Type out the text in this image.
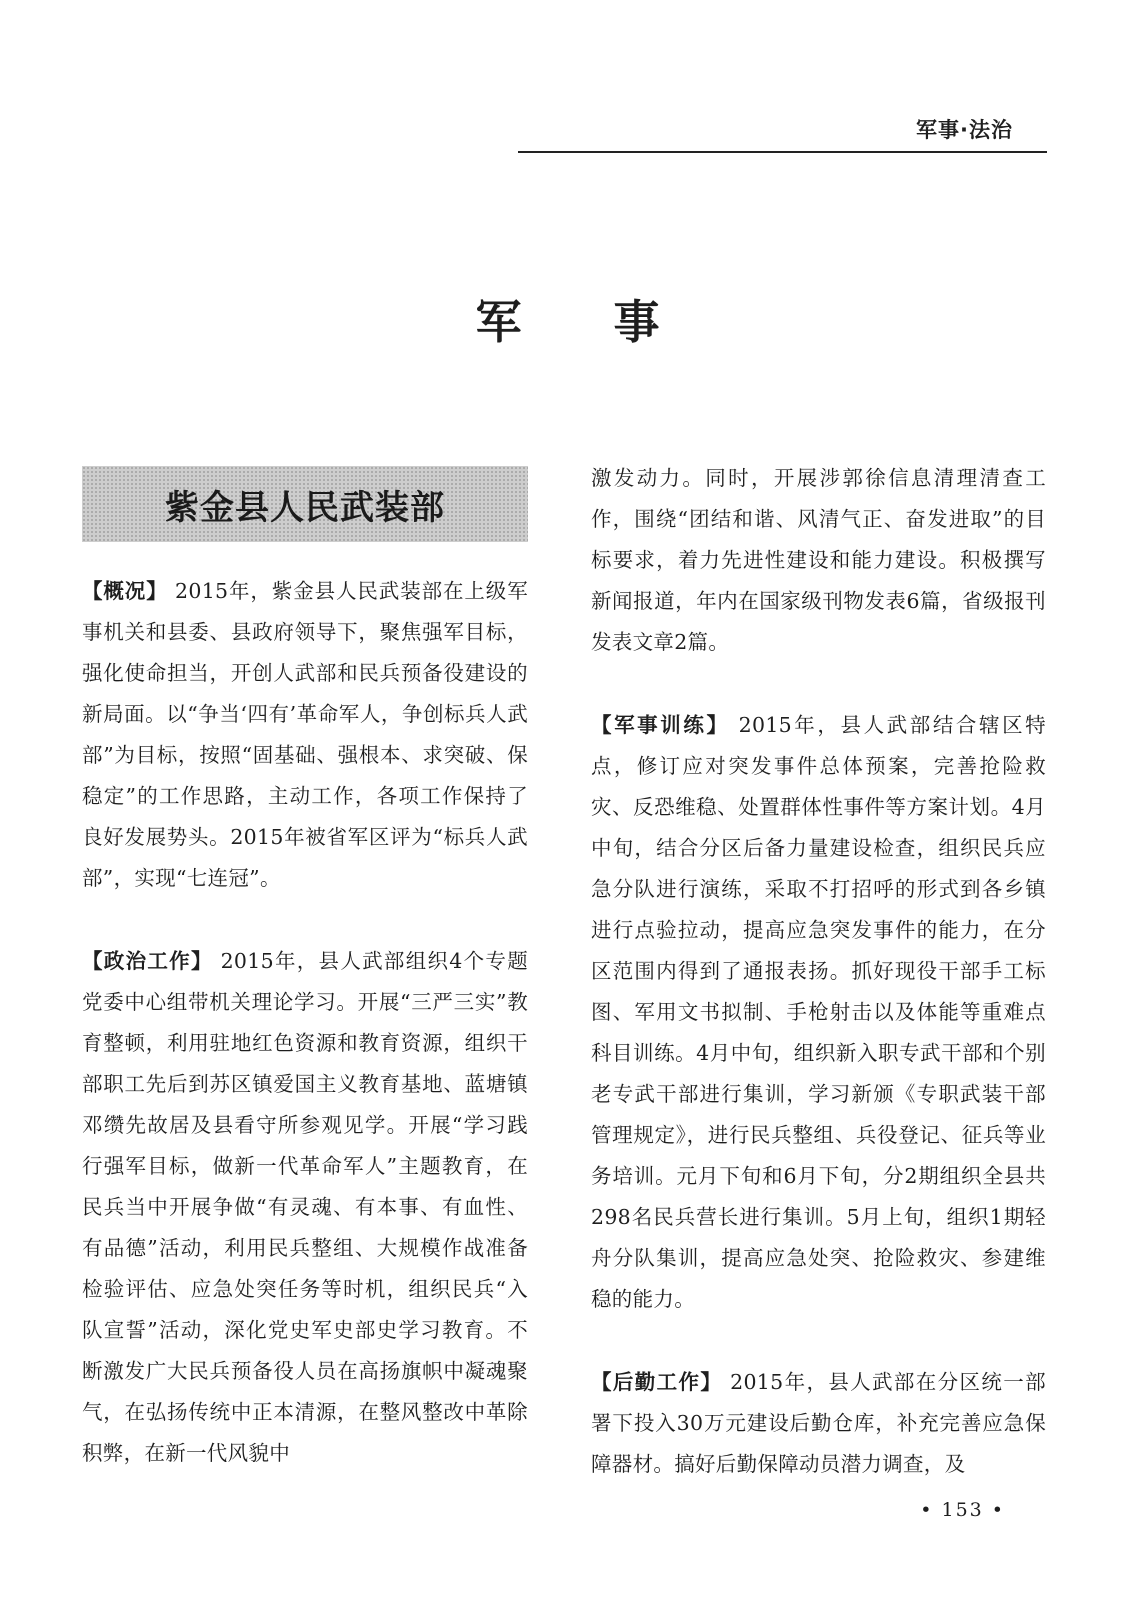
军事·法治
军事
紫金县人民武装部

【概况】 2015年，紫金县人民武装部在上级军事机关和县委、县政府领导下，聚焦强军目标，强化使命担当，开创人武部和民兵预备役建设的新局面。以“争当‘四有’革命军人，争创标兵人武部”为目标，按照“固基础、强根本、求突破、保稳定”的工作思路，主动工作，各项工作保持了良好发展势头。2015年被省军区评为“标兵人武部”，实现“七连冠”。

【政治工作】 2015年，县人武部组织4个专题党委中心组带机关理论学习。开展“三严三实”教育整顿，利用驻地红色资源和教育资源，组织干部职工先后到苏区镇爱国主义教育基地、蓝塘镇邓缵先故居及县看守所参观见学。开展“学习践行强军目标，做新一代革命军人”主题教育，在民兵当中开展争做“有灵魂、有本事、有血性、有品德”活动，利用民兵整组、大规模作战准备检验评估、应急处突任务等时机，组织民兵“入队宣誓”活动，深化党史军史部史学习教育。不断激发广大民兵预备役人员在高扬旗帜中凝魂聚气，在弘扬传统中正本清源，在整风整改中革除积弊，在新一代风貌中

激发动力。同时，开展涉郭徐信息清理清查工作，围绕“团结和谐、风清气正、奋发进取”的目标要求，着力先进性建设和能力建设。积极撰写新闻报道，年内在国家级刊物发表6篇，省级报刊发表文章2篇。

【军事训练】 2015年，县人武部结合辖区特点，修订应对突发事件总体预案，完善抢险救灾、反恐维稳、处置群体性事件等方案计划。4月中旬，结合分区后备力量建设检查，组织民兵应急分队进行演练，采取不打招呼的形式到各乡镇进行点验拉动，提高应急突发事件的能力，在分区范围内得到了通报表扬。抓好现役干部手工标图、军用文书拟制、手枪射击以及体能等重难点科目训练。4月中旬，组织新入职专武干部和个别老专武干部进行集训，学习新颁《专职武装干部管理规定》，进行民兵整组、兵役登记、征兵等业务培训。元月下旬和6月下旬，分2期组织全县共298名民兵营长进行集训。5月上旬，组织1期轻舟分队集训，提高应急处突、抢险救灾、参建维稳的能力。

【后勤工作】 2015年，县人武部在分区统一部署下投入30万元建设后勤仓库，补充完善应急保障器材。搞好后勤保障动员潜力调查，及

• 153 •
